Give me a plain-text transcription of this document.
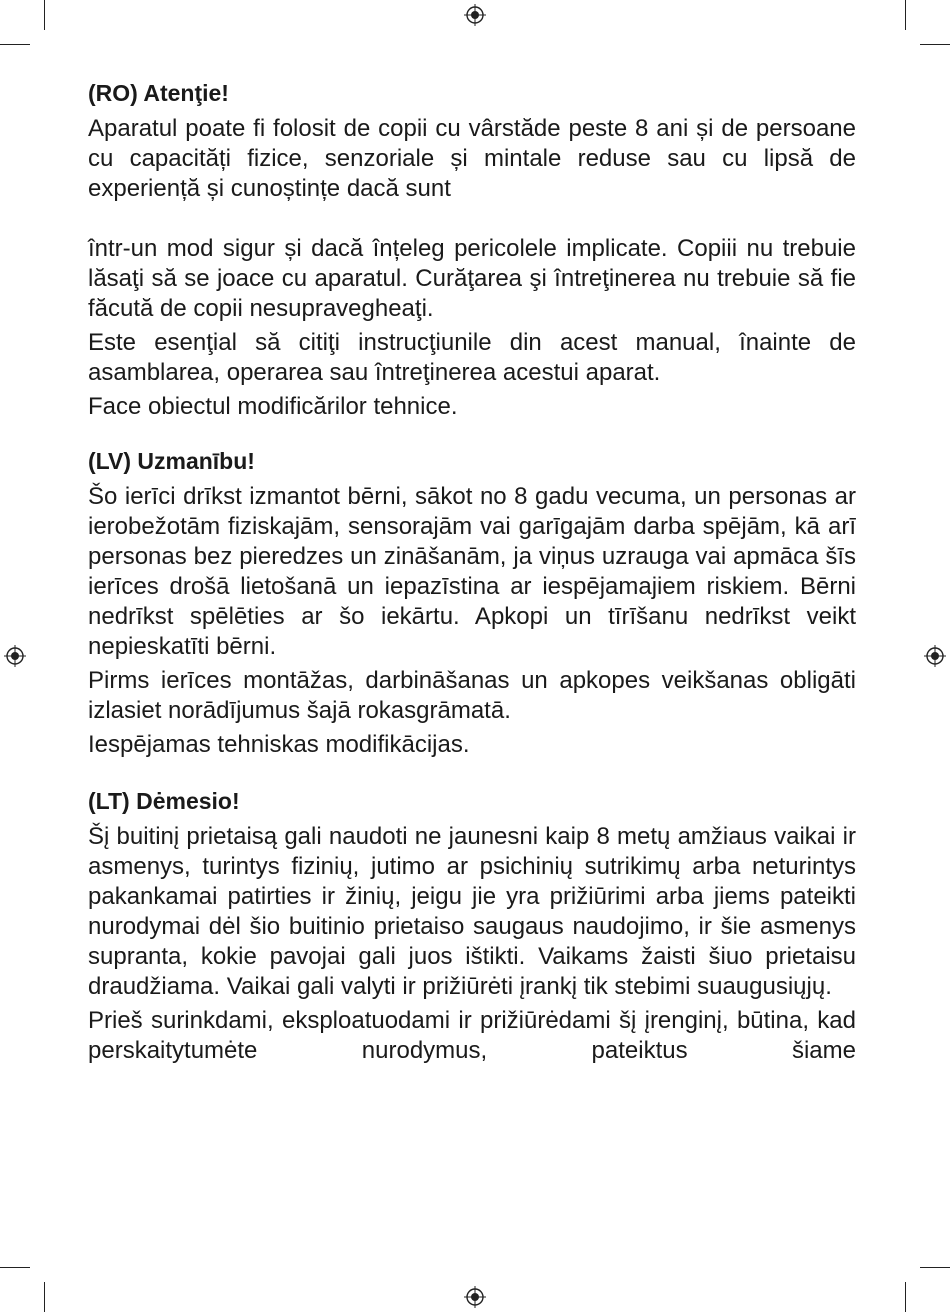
(RO) Atenţie!

Aparatul poate fi folosit de copii cu vârstăde peste 8 ani și de persoane cu capacități fizice, senzoriale și mintale reduse sau cu lipsă de experiență și cunoștințe dacă sunt

într-un mod sigur și dacă înțeleg pericolele implicate. Copiii nu trebuie lăsaţi să se joace cu aparatul. Curăţarea şi întreţinerea nu trebuie să fie făcută de copii nesupravegheaţi.

Este esenţial să citiţi instrucţiunile din acest manual, înainte de asamblarea, operarea sau întreţinerea acestui aparat.

Face obiectul modificărilor tehnice.

(LV) Uzmanību!

Šo ierīci drīkst izmantot bērni, sākot no 8 gadu vecuma, un personas ar ierobežotām fiziskajām, sensorajām vai garīgajām darba spējām, kā arī personas bez pieredzes un zināšanām, ja viņus uzrauga vai apmāca šīs ierīces drošā lietošanā un iepazīstina ar iespējamajiem riskiem. Bērni nedrīkst spēlēties ar šo iekārtu. Apkopi un tīrīšanu nedrīkst veikt nepieskatīti bērni.

Pirms ierīces montāžas, darbināšanas un apkopes veikšanas obligāti izlasiet norādījumus šajā rokasgrāmatā.

Iespējamas tehniskas modifikācijas.

(LT) Dėmesio!

Šį buitinį prietaisą gali naudoti ne jaunesni kaip 8 metų amžiaus vaikai ir asmenys, turintys fizinių, jutimo ar psichinių sutrikimų arba neturintys pakankamai patirties ir žinių, jeigu jie yra prižiūrimi arba jiems pateikti nurodymai dėl šio buitinio prietaiso saugaus naudojimo, ir šie asmenys supranta, kokie pavojai gali juos ištikti. Vaikams žaisti šiuo prietaisu draudžiama. Vaikai gali valyti ir prižiūrėti įrankį tik stebimi suaugusiųjų.

Prieš surinkdami, eksploatuodami ir prižiūrėdami šį įrenginį, būtina, kad perskaitytumėte nurodymus, pateiktus šiame
